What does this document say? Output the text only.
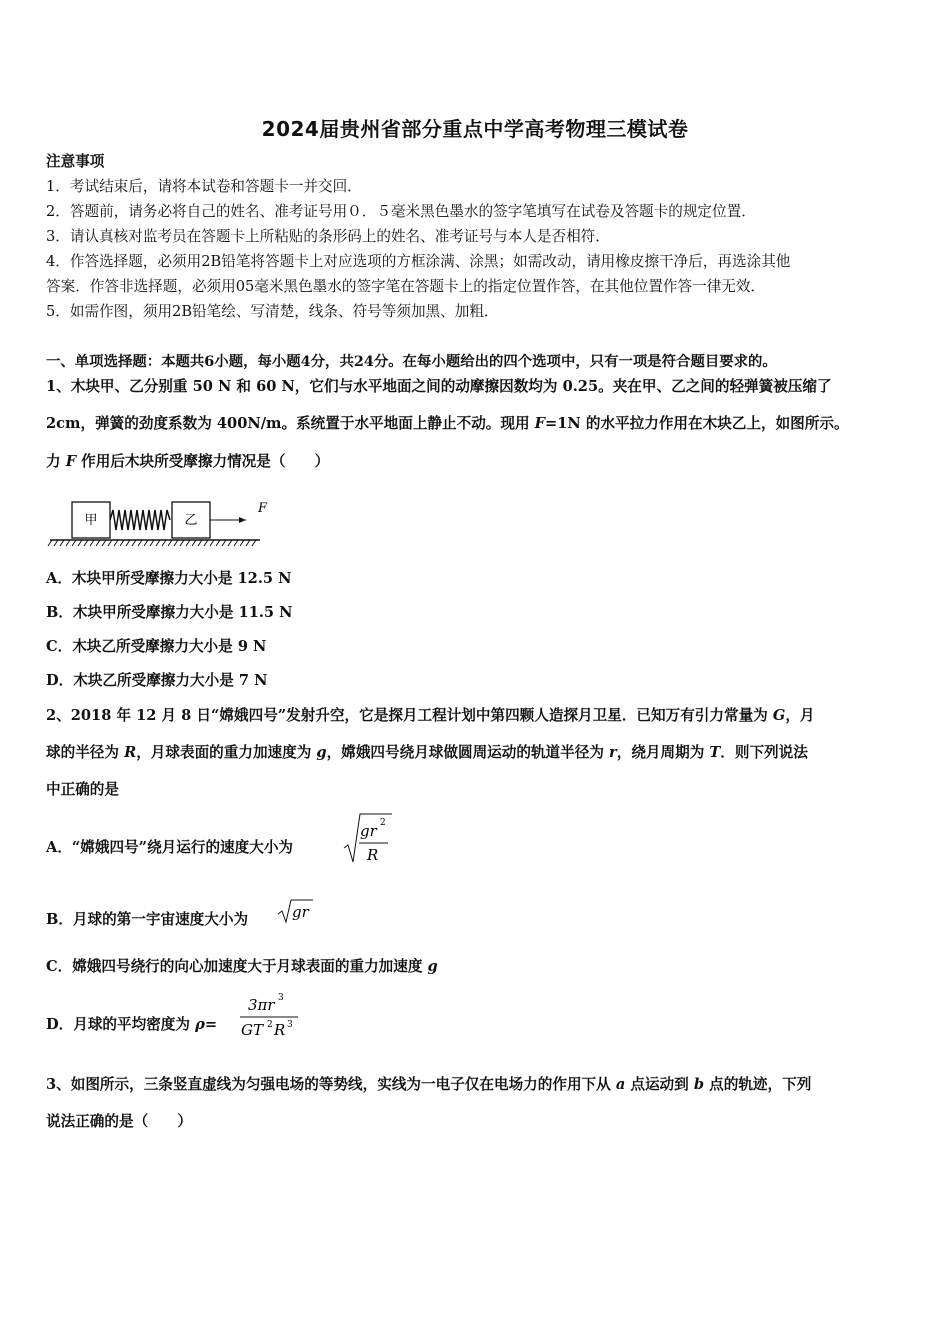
2024届贵州省部分重点中学高考物理三模试卷
注意事项
1．考试结束后，请将本试卷和答题卡一并交回．
2．答题前，请务必将自己的姓名、准考证号用０．５毫米黑色墨水的签字笔填写在试卷及答题卡的规定位置．
3．请认真核对监考员在答题卡上所粘贴的条形码上的姓名、准考证号与本人是否相符．
4．作答选择题，必须用2B铅笔将答题卡上对应选项的方框涂满、涂黑；如需改动，请用橡皮擦干净后，再选涂其他
答案．作答非选择题，必须用05毫米黑色墨水的签字笔在答题卡上的指定位置作答，在其他位置作答一律无效．
5．如需作图，须用2B铅笔绘、写清楚，线条、符号等须加黑、加粗．
一、单项选择题：本题共6小题，每小题4分，共24分。在每小题给出的四个选项中，只有一项是符合题目要求的。
1、木块甲、乙分别重 50 N 和 60 N，它们与水平地面之间的动摩擦因数均为 0.25。夹在甲、乙之间的轻弹簧被压缩了
2cm，弹簧的劲度系数为 400N/m。系统置于水平地面上静止不动。现用 F=1N 的水平拉力作用在木块乙上，如图所示。
力 F 作用后木块所受摩擦力情况是（　　）
甲	乙
F
A．木块甲所受摩擦力大小是 12.5 N
B．木块甲所受摩擦力大小是 11.5 N
C．木块乙所受摩擦力大小是 9 N
D．木块乙所受摩擦力大小是 7 N
2、2018 年 12 月 8 日“嫦娥四号”发射升空，它是探月工程计划中第四颗人造探月卫星．已知万有引力常量为 G，月
球的半径为 R，月球表面的重力加速度为 g，嫦娥四号绕月球做圆周运动的轨道半径为 r，绕月周期为 T．则下列说法
中正确的是
A．“嫦娥四号”绕月运行的速度大小为
gr 2
R
B．月球的第一宇宙速度大小为	gr
C．嫦娥四号绕行的向心加速度大于月球表面的重力加速度 g
D．月球的平均密度为 ρ=
3πr 3
GT 2 R 3
3、如图所示，三条竖直虚线为匀强电场的等势线，实线为一电子仅在电场力的作用下从 a 点运动到 b 点的轨迹，下列
说法正确的是（　　）
